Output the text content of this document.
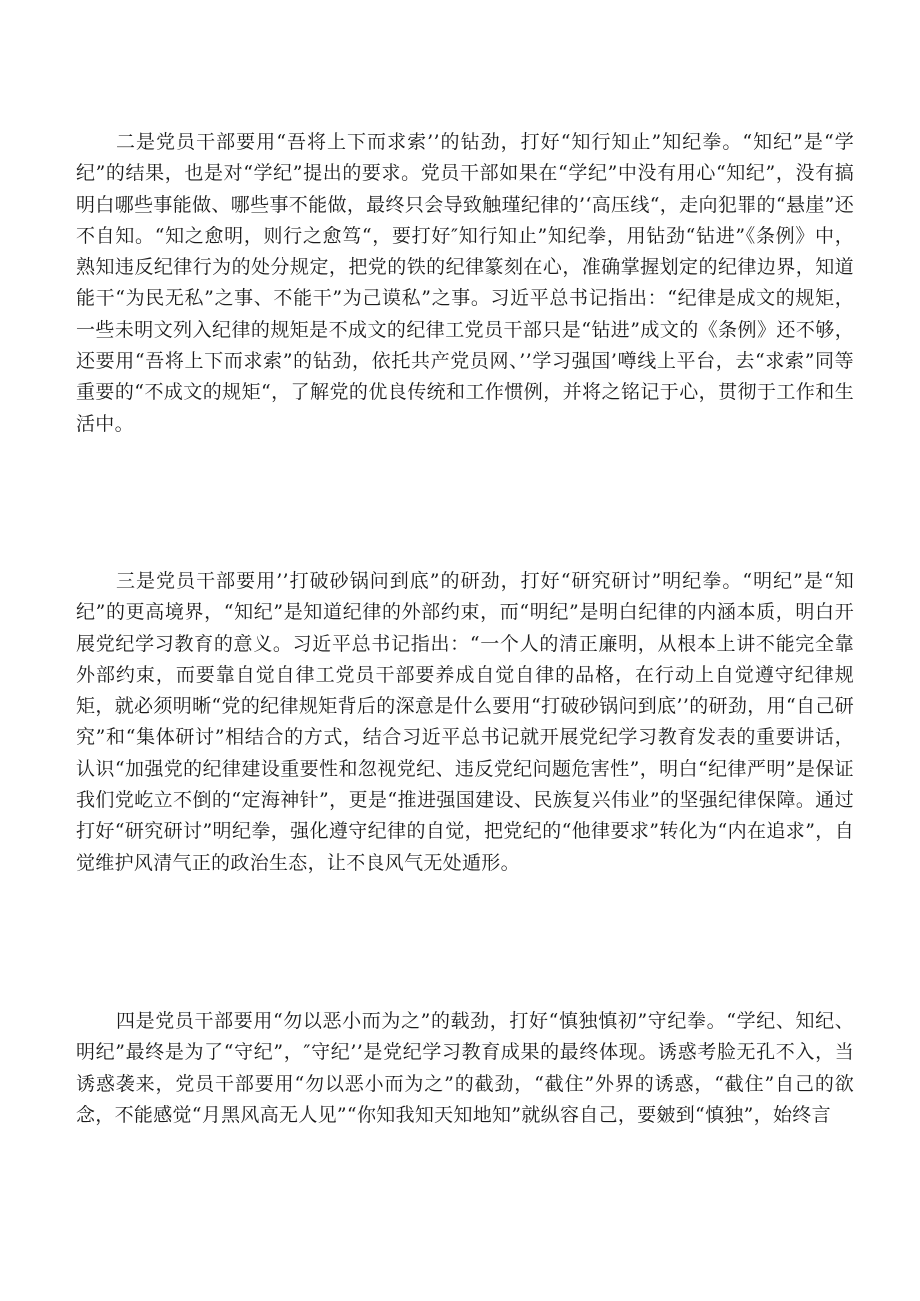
二是党员干部要用“吾将上下而求索’’的钻劲，打好“知行知止”知纪拳。“知纪”是“学纪”的结果，也是对“学纪”提出的要求。党员干部如果在“学纪”中没有用心“知纪”，没有搞明白哪些事能做、哪些事不能做，最终只会导致触瑾纪律的’‘高压线“，走向犯罪的“悬崖”还不自知。“知之愈明，则行之愈笃“，要打好″知行知止”知纪拳，用钻劲“钻进”《条例》中，熟知违反纪律行为的处分规定，把党的铁的纪律篆刻在心，准确掌握划定的纪律边界，知道能干“为民无私”之事、不能干”为己谟私”之事。习近平总书记指出：“纪律是成文的规矩，一些未明文列入纪律的规矩是不成文的纪律工党员干部只是“钻进”成文的《条例》还不够，还要用“吾将上下而求索”的钻劲，依托共产党员网、’’学习强国’噂线上平台，去“求索”同等重要的“不成文的规矩“，了解党的优良传统和工作惯例，并将之铭记于心，贯彻于工作和生活中。

三是党员干部要用’’打破砂锅问到底”的研劲，打好“研究研讨”明纪拳。“明纪”是“知纪”的更高境界，“知纪”是知道纪律的外部约束，而“明纪”是明白纪律的内涵本质，明白开展党纪学习教育的意义。习近平总书记指出：“一个人的清正廉明，从根本上讲不能完全靠外部约束，而要靠自觉自律工党员干部要养成自觉自律的品格，在行动上自觉遵守纪律规矩，就必须明晰“党的纪律规矩背后的深意是什么要用“打破砂锅问到底’’的研劲，用“自己研究”和“集体研讨”相结合的方式，结合习近平总书记就开展党纪学习教育发表的重要讲话，认识“加强党的纪律建设重要性和忽视党纪、违反党纪问题危害性”，明白“纪律严明”是保证我们党屹立不倒的“定海神针”，更是“推进强国建设、民族复兴伟业”的坚强纪律保障。通过打好“研究研讨”明纪拳，强化遵守纪律的自觉，把党纪的“他律要求”转化为“内在追求”，自觉维护风清气正的政治生态，让不良风气无处遁形。

四是党员干部要用“勿以恶小而为之”的载劲，打好“慎独慎初”守纪拳。“学纪、知纪、明纪”最终是为了“守纪”，″守纪’’是党纪学习教育成果的最终体现。诱惑考脸无孔不入，当诱惑袭来，党员干部要用“勿以恶小而为之”的截劲，“截住”外界的诱惑，“截住”自己的欲念，不能感觉“月黑风高无人见”“你知我知天知地知”就纵容自己，要皴到“慎独”，始终言
